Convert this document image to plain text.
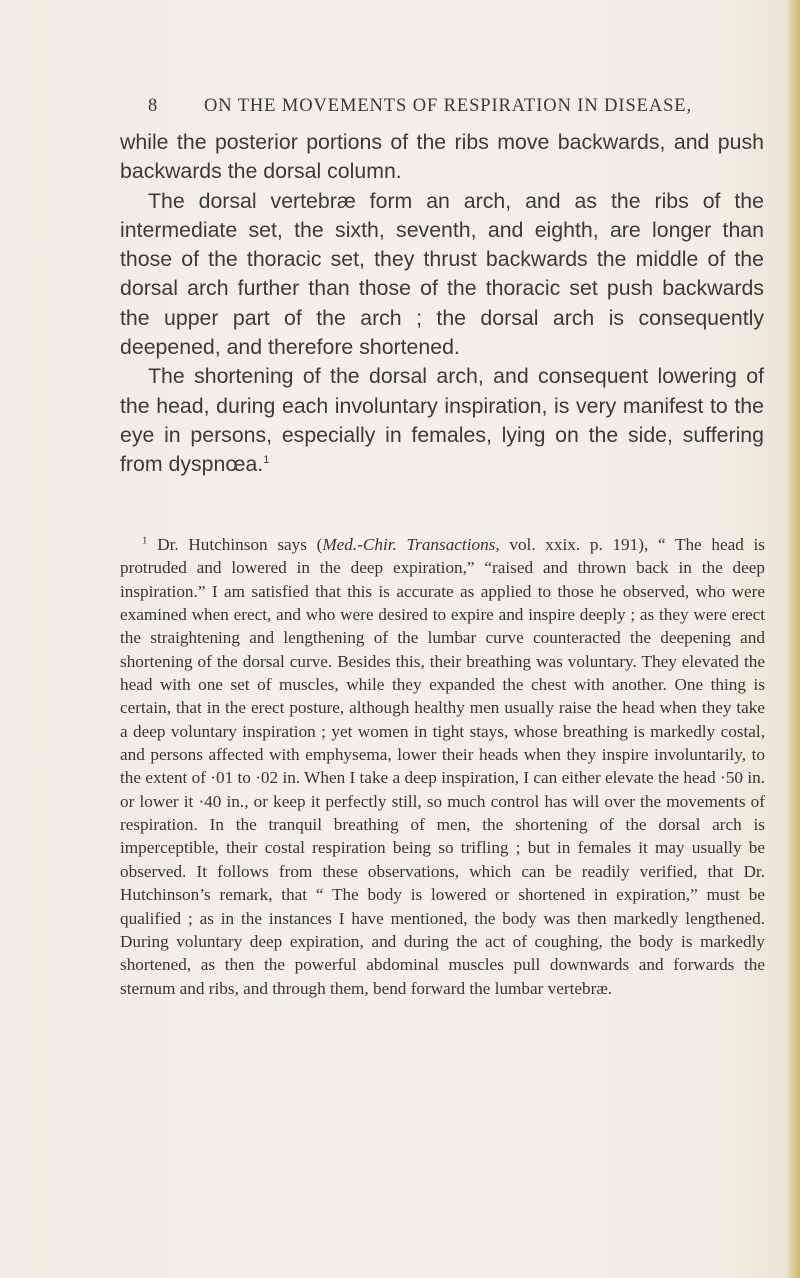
8 ON THE MOVEMENTS OF RESPIRATION IN DISEASE,

while the posterior portions of the ribs move backwards, and push backwards the dorsal column.

The dorsal vertebræ form an arch, and as the ribs of the intermediate set, the sixth, seventh, and eighth, are longer than those of the thoracic set, they thrust backwards the middle of the dorsal arch further than those of the thoracic set push backwards the upper part of the arch ; the dorsal arch is consequently deepened, and therefore shortened.

The shortening of the dorsal arch, and consequent lowering of the head, during each involuntary inspiration, is very manifest to the eye in persons, especially in females, lying on the side, suffering from dyspnœa.$^1$

$^1$ Dr. Hutchinson says (Med.-Chir. Transactions, vol. xxix. p. 191), “ The head is protruded and lowered in the deep expiration,” “raised and thrown back in the deep inspiration.” I am satisfied that this is accurate as applied to those he observed, who were examined when erect, and who were desired to expire and inspire deeply ; as they were erect the straightening and lengthening of the lumbar curve counteracted the deepening and shortening of the dorsal curve. Besides this, their breathing was voluntary. They elevated the head with one set of muscles, while they expanded the chest with another. One thing is certain, that in the erect posture, although healthy men usually raise the head when they take a deep voluntary inspiration ; yet women in tight stays, whose breathing is markedly costal, and persons affected with emphysema, lower their heads when they inspire involuntarily, to the extent of ·01 to ·02 in. When I take a deep inspiration, I can either elevate the head ·50 in. or lower it ·40 in., or keep it perfectly still, so much control has will over the movements of respiration. In the tranquil breathing of men, the shortening of the dorsal arch is imperceptible, their costal respiration being so trifling ; but in females it may usually be observed. It follows from these observations, which can be readily verified, that Dr. Hutchinson’s remark, that “ The body is lowered or shortened in expiration,” must be qualified ; as in the instances I have mentioned, the body was then markedly lengthened. During voluntary deep expiration, and during the act of coughing, the body is markedly shortened, as then the powerful abdominal muscles pull downwards and forwards the sternum and ribs, and through them, bend forward the lumbar vertebræ.
